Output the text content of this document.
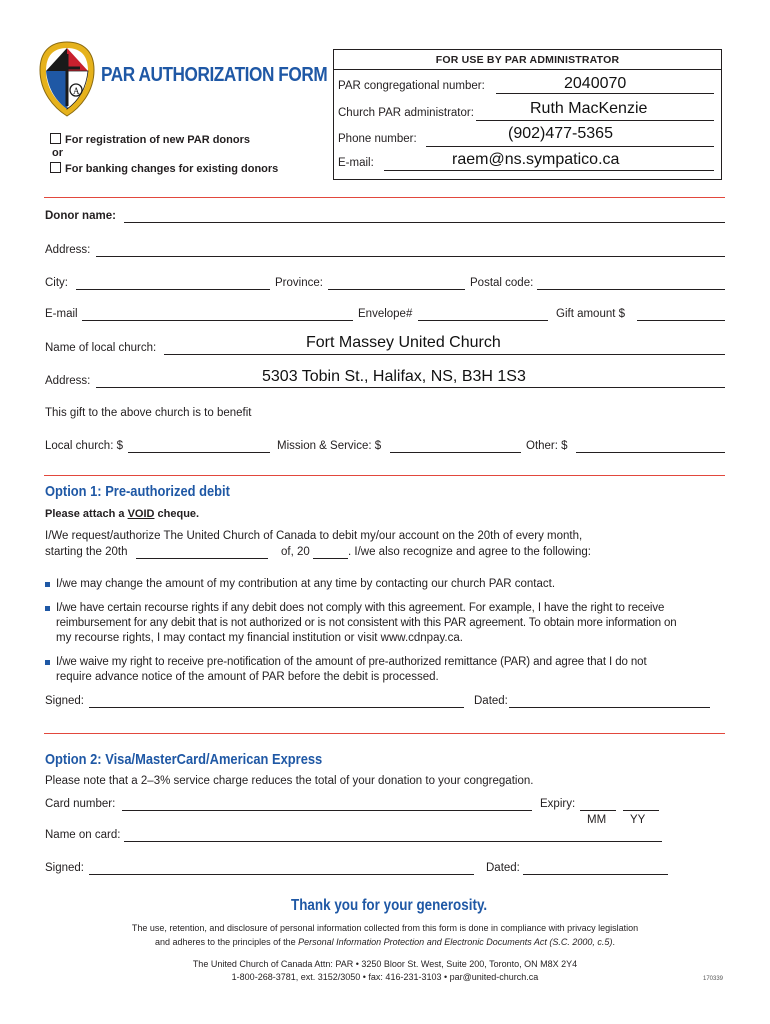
A
PAR AUTHORIZATION FORM
For registration of new PAR donors
or
For banking changes for existing donors
FOR USE BY PAR ADMINISTRATOR
PAR congregational number:	2040070
Church PAR administrator:	Ruth MacKenzie
Phone number:	(902)477-5365
E-mail:	raem@ns.sympatico.ca
Donor name:
Address:
City:	Province:	Postal code:
E-mail	Envelope#	Gift amount $
Name of local church:	Fort Massey United Church
Address:	5303 Tobin St., Halifax, NS, B3H 1S3
This gift to the above church is to benefit
Local church: $	Mission & Service: $	Other: $
Option 1: Pre-authorized debit
Please attach a VOID cheque.
I/We request/authorize The United Church of Canada to debit my/our account on the 20th of every month,
starting the 20th	of, 20	. I/we also recognize and agree to the following:
I/we may change the amount of my contribution at any time by contacting our church PAR contact.
I/we have certain recourse rights if any debit does not comply with this agreement. For example, I have the right to receive
reimbursement for any debit that is not authorized or is not consistent with this PAR agreement. To obtain more information on
my recourse rights, I may contact my financial institution or visit www.cdnpay.ca.
I/we waive my right to receive pre-notification of the amount of pre-authorized remittance (PAR) and agree that I do not
require advance notice of the amount of PAR before the debit is processed.
Signed:	Dated:
Option 2: Visa/MasterCard/American Express
Please note that a 2–3% service charge reduces the total of your donation to your congregation.
Card number:	Expiry:
MM YY
Name on card:
Signed:	Dated:
Thank you for your generosity.
The use, retention, and disclosure of personal information collected from this form is done in compliance with privacy legislation
and adheres to the principles of the Personal Information Protection and Electronic Documents Act (S.C. 2000, c.5).
The United Church of Canada Attn: PAR • 3250 Bloor St. West, Suite 200, Toronto, ON M8X 2Y4
1-800-268-3781, ext. 3152/3050 • fax: 416-231-3103 • par@united-church.ca	170339
